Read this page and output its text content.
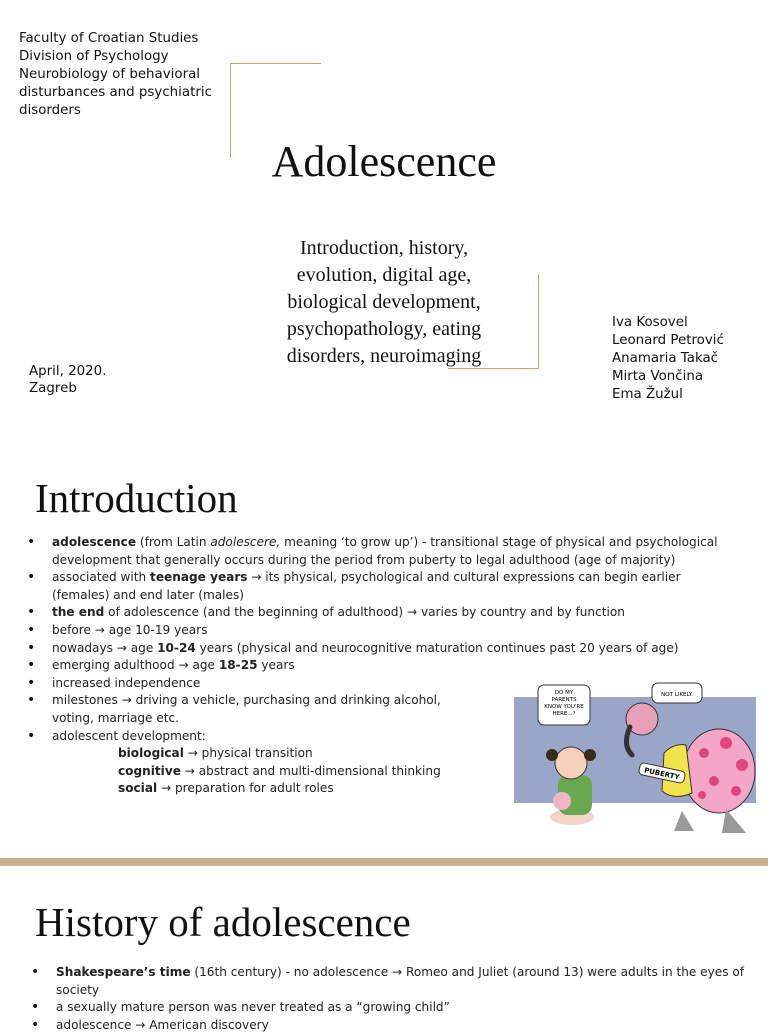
Faculty of Croatian Studies
Division of Psychology
Neurobiology of behavioral
disturbances and psychiatric
disorders
Adolescence
Introduction, history,
evolution, digital age,
biological development,
psychopathology, eating
disorders, neuroimaging
April, 2020.
Zagreb
Iva Kosovel
Leonard Petrović
Anamaria Takač
Mirta Vončina
Ema Žužul
Introduction
• adolescence (from Latin adolescere, meaning ‘to grow up’) - transitional stage of physical and psychological
development that generally occurs during the period from puberty to legal adulthood (age of majority)
• associated with teenage years → its physical, psychological and cultural expressions can begin earlier
(females) and end later (males)
• the end of adolescence (and the beginning of adulthood) → varies by country and by function
• before → age 10-19 years
• nowadays → age 10-24 years (physical and neurocognitive maturation continues past 20 years of age)
• emerging adulthood → age 18-25 years
• increased independence
• milestones → driving a vehicle, purchasing and drinking alcohol,
voting, marriage etc.
• adolescent development:
biological → physical transition
cognitive → abstract and multi-dimensional thinking
social → preparation for adult roles
DO MY
PARENTS
KNOW YOU'RE
HERE...?
NOT LIKELY.
PUBERTY
History of adolescence
• Shakespeare’s time (16th century) - no adolescence → Romeo and Juliet (around 13) were adults in the eyes of
society
• a sexually mature person was never treated as a “growing child”
• adolescence → American discovery
